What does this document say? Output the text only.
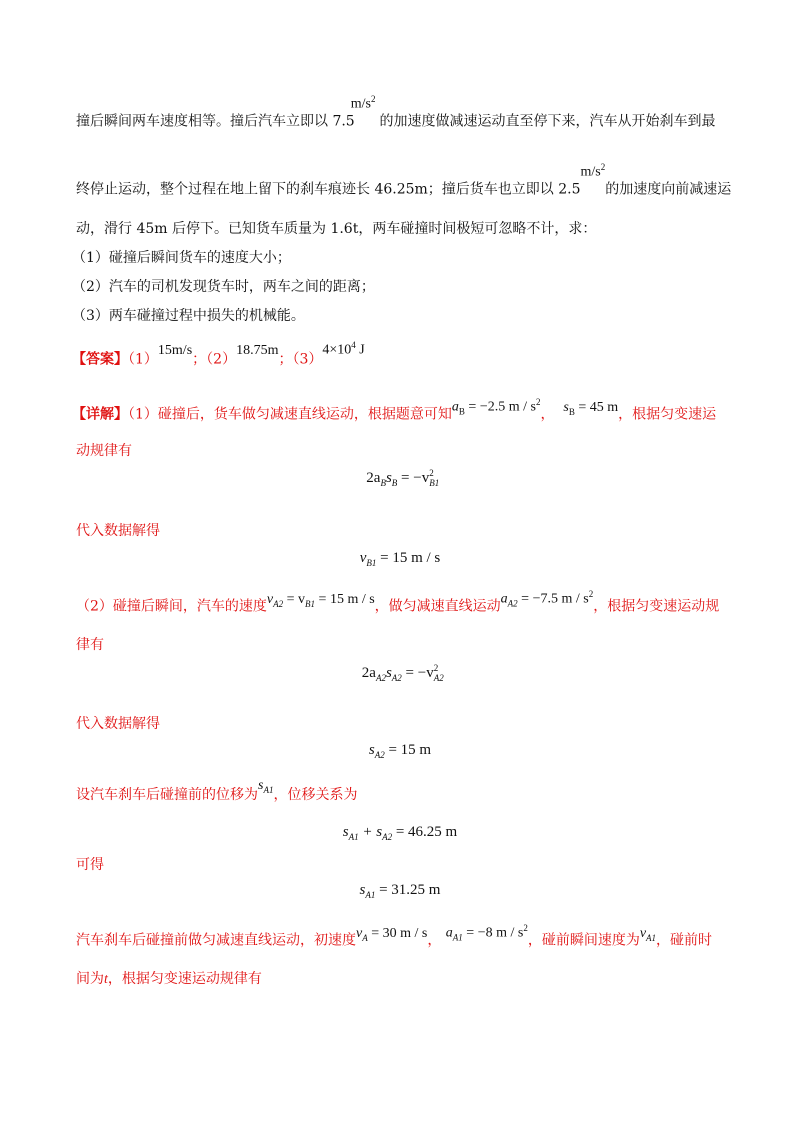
撞后瞬间两车速度相等。撞后汽车立即以 $7.5m/s^2$的加速度做减速运动直至停下来，汽车从开始刹车到最
终停止运动，整个过程在地上留下的刹车痕迹长 46.25m；撞后货车也立即以 $2.5m/s^2$的加速度向前减速运
动，滑行 45m 后停下。已知货车质量为 1.6t，两车碰撞时间极短可忽略不计，求：
（1）碰撞后瞬间货车的速度大小；
（2）汽车的司机发现货车时，两车之间的距离；
（3）两车碰撞过程中损失的机械能。
【答案】（1）15m/s；（2）18.75m；$(3)4\times 10^4$ J
【详解】（1）碰撞后，货车做匀减速直线运动，根据题意可知$a_B = -2.5$ m / $s^2$， $s_B = 45$ m，根据匀变速运
动规律有
$2a_Bs_B = -v_{B1}^2$
代入数据解得
$v_{B1} = 15$ m / s
（2）碰撞后瞬间，汽车的速度$v_{A2} = v_{B1} = 15$ m / s，做匀减速直线运动$a_{A2} = -7.5$ m / $s^2$，根据匀变速运动规
律有
$2a_{A2}s_{A2} = -v_{A2}^2$
代入数据解得
$s_{A2} = 15$ m
设汽车刹车后碰撞前的位移为$s_{A1}$，位移关系为
$s_{A1} + s_{A2} = 46.25$ m
可得
$s_{A1} = 31.25$ m
汽车刹车后碰撞前做匀减速直线运动，初速度$v_A = 30$ m / s， $a_{A1} = -8$ m / $s^2$，碰前瞬间速度为$v_{A1}$，碰前时
间为t，根据匀变速运动规律有
